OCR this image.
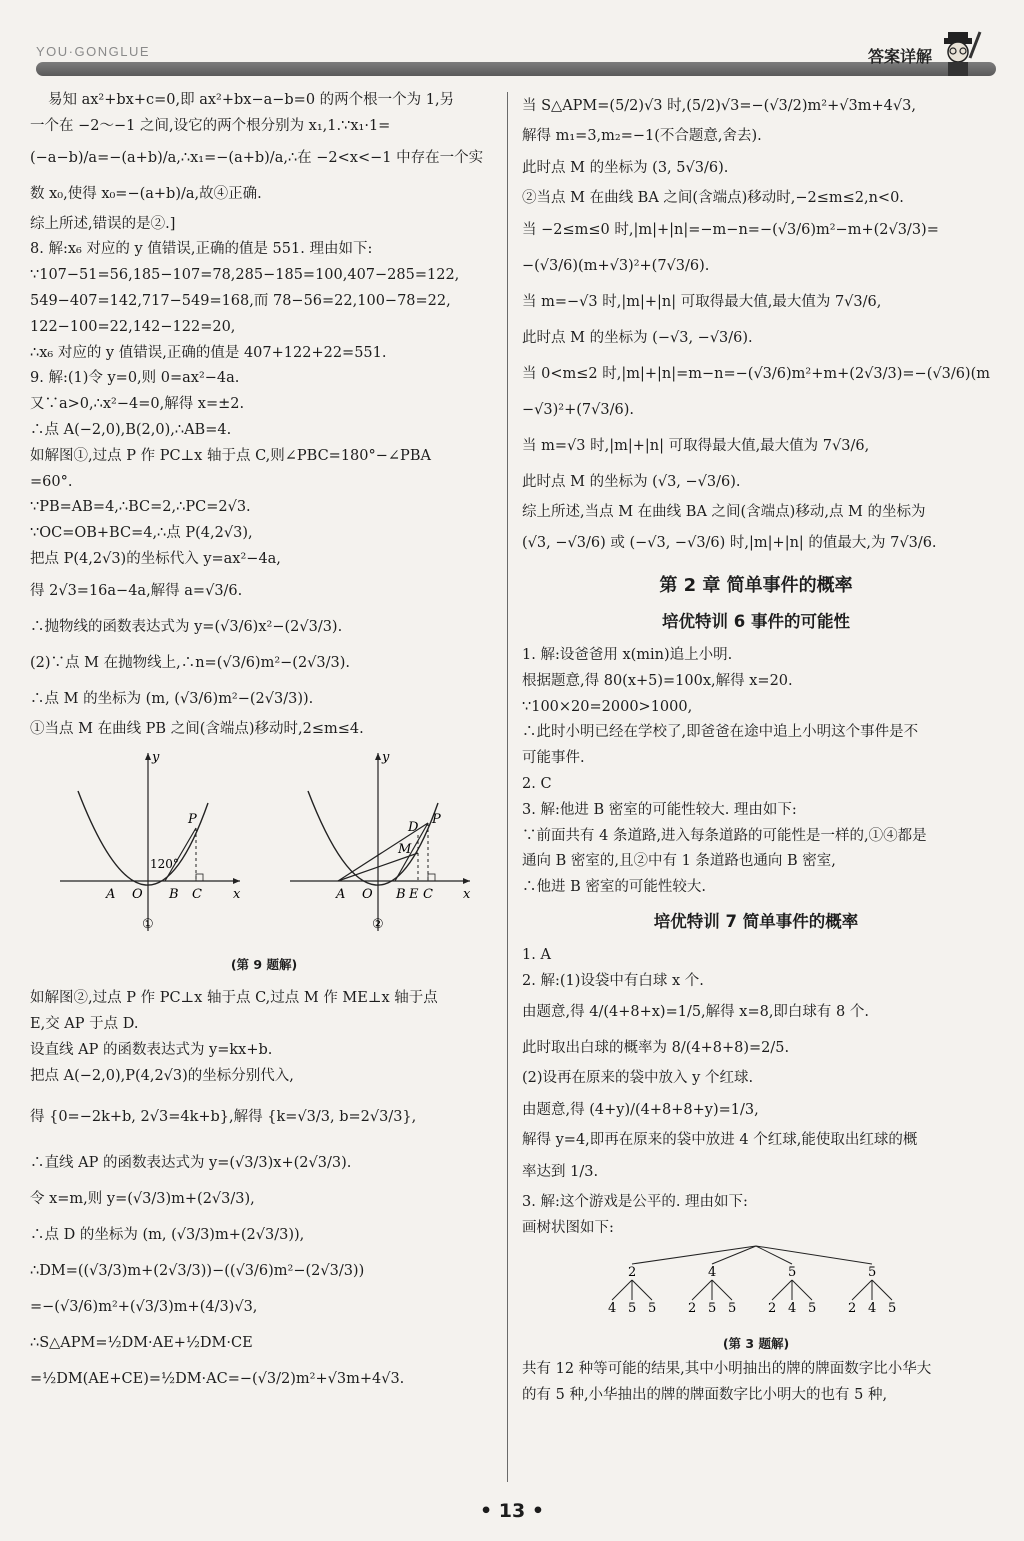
YOU·GONGLUE	答案详解
易知 ax²+bx+c=0,即 ax²+bx−a−b=0 的两个根一个为 1,另
一个在 −2～−1 之间,设它的两个根分别为 x₁,1.∵x₁·1=
(−a−b)/a=−(a+b)/a,∴x₁=−(a+b)/a,∴在 −2<x<−1 中存在一个实
数 x₀,使得 x₀=−(a+b)/a,故④正确.
综上所述,错误的是②.]
8. 解:x₆ 对应的 y 值错误,正确的值是 551. 理由如下:
∵107−51=56,185−107=78,285−185=100,407−285=122,
549−407=142,717−549=168,而 78−56=22,100−78=22,
122−100=22,142−122=20,
∴x₆ 对应的 y 值错误,正确的值是 407+122+22=551.
9. 解:(1)令 y=0,则 0=ax²−4a.
又∵a>0,∴x²−4=0,解得 x=±2.
∴点 A(−2,0),B(2,0),∴AB=4.
如解图①,过点 P 作 PC⊥x 轴于点 C,则∠PBC=180°−∠PBA
=60°.
∵PB=AB=4,∴BC=2,∴PC=2√3.
∵OC=OB+BC=4,∴点 P(4,2√3),
把点 P(4,2√3)的坐标代入 y=ax²−4a,
得 2√3=16a−4a,解得 a=√3/6.
∴抛物线的函数表达式为 y=(√3/6)x²−(2√3/3).
(2)∵点 M 在抛物线上,∴n=(√3/6)m²−(2√3/3).
∴点 M 的坐标为 (m, (√3/6)m²−(2√3/3)).
①当点 M 在曲线 PB 之间(含端点)移动时,2≤m≤4.
y
x
A O B C
P
120°
①
y
x
A O B E C
P
D
M
②
(第 9 题解)
如解图②,过点 P 作 PC⊥x 轴于点 C,过点 M 作 ME⊥x 轴于点
E,交 AP 于点 D.
设直线 AP 的函数表达式为 y=kx+b.
把点 A(−2,0),P(4,2√3)的坐标分别代入,
得 {0=−2k+b, 2√3=4k+b},解得 {k=√3/3, b=2√3/3},
∴直线 AP 的函数表达式为 y=(√3/3)x+(2√3/3).
令 x=m,则 y=(√3/3)m+(2√3/3),
∴点 D 的坐标为 (m, (√3/3)m+(2√3/3)),
∴DM=((√3/3)m+(2√3/3))−((√3/6)m²−(2√3/3))
=−(√3/6)m²+(√3/3)m+(4/3)√3,
∴S△APM=½DM·AE+½DM·CE
=½DM(AE+CE)=½DM·AC=−(√3/2)m²+√3m+4√3.
当 S△APM=(5/2)√3 时,(5/2)√3=−(√3/2)m²+√3m+4√3,
解得 m₁=3,m₂=−1(不合题意,舍去).
此时点 M 的坐标为 (3, 5√3/6).
②当点 M 在曲线 BA 之间(含端点)移动时,−2≤m≤2,n<0.
当 −2≤m≤0 时,|m|+|n|=−m−n=−(√3/6)m²−m+(2√3/3)=
−(√3/6)(m+√3)²+(7√3/6).
当 m=−√3 时,|m|+|n| 可取得最大值,最大值为 7√3/6,
此时点 M 的坐标为 (−√3, −√3/6).
当 0<m≤2 时,|m|+|n|=m−n=−(√3/6)m²+m+(2√3/3)=−(√3/6)(m
−√3)²+(7√3/6).
当 m=√3 时,|m|+|n| 可取得最大值,最大值为 7√3/6,
此时点 M 的坐标为 (√3, −√3/6).
综上所述,当点 M 在曲线 BA 之间(含端点)移动,点 M 的坐标为
(√3, −√3/6) 或 (−√3, −√3/6) 时,|m|+|n| 的值最大,为 7√3/6.
第 2 章 简单事件的概率
培优特训 6 事件的可能性
1. 解:设爸爸用 x(min)追上小明.
根据题意,得 80(x+5)=100x,解得 x=20.
∵100×20=2000>1000,
∴此时小明已经在学校了,即爸爸在途中追上小明这个事件是不
可能事件.
2. C
3. 解:他进 B 密室的可能性较大. 理由如下:
∵前面共有 4 条道路,进入每条道路的可能性是一样的,①④都是
通向 B 密室的,且②中有 1 条道路也通向 B 密室,
∴他进 B 密室的可能性较大.
培优特训 7 简单事件的概率
1. A
2. 解:(1)设袋中有白球 x 个.
由题意,得 4/(4+8+x)=1/5,解得 x=8,即白球有 8 个.
此时取出白球的概率为 8/(4+8+8)=2/5.
(2)设再在原来的袋中放入 y 个红球.
由题意,得 (4+y)/(4+8+8+y)=1/3,
解得 y=4,即再在原来的袋中放进 4 个红球,能使取出红球的概
率达到 1/3.
3. 解:这个游戏是公平的. 理由如下:
画树状图如下:
2
4 5 5
4
2 5 5
5
2 4 5
5
2 4 5
(第 3 题解)
共有 12 种等可能的结果,其中小明抽出的牌的牌面数字比小华大
的有 5 种,小华抽出的牌的牌面数字比小明大的也有 5 种,
• 13 •
